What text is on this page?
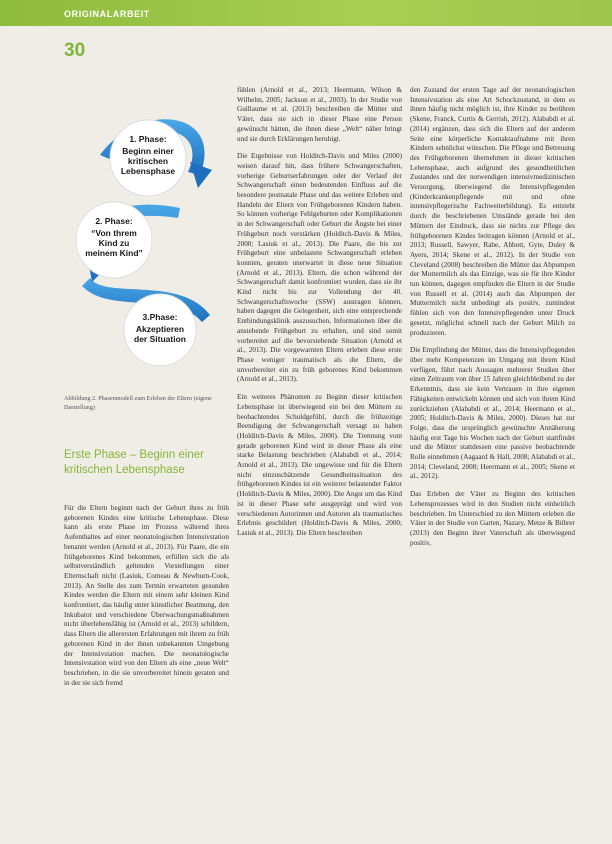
ORIGINALARBEIT
30
1. Phase:
Beginn einer
kritischen
Lebensphase
2. Phase:
“Von threm
Kind zu
meinem Kind”
3.Phase:
Akzeptieren
der Situation
Abbildung 2. Phasenmodell zum Erleben der Eltern (eigene Darstellung)
Erste Phase – Beginn einer kritischen Lebensphase

Für die Eltern beginnt nach der Geburt ihres zu früh geborenen Kindes eine kritische Lebensphase. Diese kann als erste Phase im Prozess während ihres Aufenthaltes auf einer neonatologischen Intensivstation benannt werden (Arnold et al., 2013). Für Paare, die ein frühgeborenes Kind bekommen, erfüllen sich die als selbstverständlich geltenden Vorstellungen einer Elternschaft nicht (Lasiuk, Comeau & Newburn-Cook, 2013). An Stelle des zum Termin erwarteten gesunden Kindes werden die Eltern mit einem sehr kleinen Kind konfrontiert, das häufig unter künstlicher Beatmung, den Inkubator und verschiedene Überwachungsmaßnahmen nicht überlebensfähig ist (Arnold et al., 2013) schildern, dass Eltern die allerersten Erfahrungen mit ihrem zu früh geborenen Kind in der ihnen unbekannten Umgebung der Intensivstation machen. Die neonatologische Intensivstation wird von den Eltern als eine „neue Welt“ beschrieben, in die sie unvorbereitet hinein geraten und in der sie sich fremd

fühlen (Arnold et al., 2013; Heermann, Wilson & Wilhelm, 2005; Jackson et al., 2003). In der Studie von Guillaume et al. (2013) beschreiben die Mütter und Väter, dass sie sich in dieser Phase eine Person gewünscht hätten, die ihnen diese „Welt“ näher bringt und sie durch Erklärungen beruhigt.

Die Ergebnisse von Holditch-Davis und Miles (2000) weisen darauf hin, dass frühere Schwangerschaften, vorherige Geburtserfahrungen oder der Verlauf der Schwangerschaft einen bedeutenden Einfluss auf die besondere postnatale Phase und das weitere Erleben und Handeln der Eltern von Frühgeborenen Kindern haben. So können vorherige Fehlgeburten oder Komplikationen in der Schwangerschaft oder Geburt die Ängste bei einer Frühgeburt noch verstärken (Holditch-Davis & Miles, 2000; Lasiuk et al., 2013). Die Paare, die bis zur Frühgeburt eine unbelastete Schwangerschaft erleben konnten, geraten unerwartet in diese neue Situation (Arnold et al., 2013). Eltern, die schon während der Schwangerschaft damit konfrontiert wurden, dass sie ihr Kind nicht bis zur Vollendung der 40. Schwangerschaftswoche (SSW) austragen können, haben dagegen die Gelegenheit, sich eine entsprechende Entbindungsklinik auszusuchen, Informationen über die anstehende Frühgeburt zu erhalten, und sind somit vorbereitet auf die bevorstehende Situation (Arnold et al., 2013). Die vorgewarnten Eltern erleben diese erste Phase weniger traumatisch als die Eltern, die unvorbereitet ein zu früh geborenes Kind bekommen (Arnold et al., 2013).

Ein weiteres Phänomen zu Beginn dieser kritischen Lebensphase ist überwiegend ein bei den Müttern zu beobachtendes Schuldgefühl, durch die frühzeitige Beendigung der Schwangerschaft versagt zu haben (Holditch-Davis & Miles, 2000). Die Trennung vom gerade geborenen Kind wird in dieser Phase als eine starke Belastung beschrieben (Alababdi et al., 2014; Arnold et al., 2013). Die ungewisse und für die Eltern nicht einzuschätzende Gesundheitssituation des frühgeborenen Kindes ist ein weiterer belastender Faktor (Holditch-Davis & Miles, 2000). Die Angst um das Kind ist in dieser Phase sehr ausgeprägt und wird von verschiedenen Autorinnen und Autoren als traumatisches Erlebnis geschildert (Holditch-Davis & Miles, 2000; Lasiuk et al., 2013). Die Eltern beschreiben

den Zustand der ersten Tage auf der neonatologischen Intensivstation als eine Art Schockzustand, in dem es ihnen häufig nicht möglich ist, ihre Kinder zu berühren (Skene, Franck, Curtis & Gerrish, 2012). Alababdi et al. (2014) ergänzen, dass sich die Eltern auf der anderen Seite eine körperliche Kontaktaufnahme mit ihren Kindern sehnlichst wünschen. Die Pflege und Betreuung des Frühgeborenen übernehmen in dieser kritischen Lebensphase, auch aufgrund des gesundheitlichen Zustandes und der notwendigen intensivmedizinischen Versorgung, überwiegend die Intensivpflegenden (Kinderkrankenpflegende mit und ohne intensivpflegerische Fachweiterbildung). Es entsteht durch die beschriebenen Umstände gerade bei den Müttern der Eindruck, dass sie nichts zur Pflege des frühgeborenen Kindes beitragen können (Arnold et al., 2013; Russell, Sawyer, Rabe, Abbott, Gyte, Duley & Ayers, 2014; Skene et al., 2012). In der Studie von Cleveland (2008) beschreiben die Mütter das Abpumpen der Muttermilch als das Einzige, was sie für ihre Kinder tun können, dagegen empfinden die Eltern in der Studie von Russell et al. (2014) auch das Abpumpen der Muttermilch nicht unbedingt als positiv, zumindest fühlen sich von den Intensivpflegenden unter Druck gesetzt, möglichst schnell nach der Geburt Milch zu produzieren.

Die Empfindung der Mütter, dass die Intensivpflegenden über mehr Kompetenzen im Umgang mit ihrem Kind verfügen, führt nach Aussagen mehrerer Studien über einen Zeitraum von über 15 Jahren gleichbleibend zu der Erkenntnis, dass sie kein Vertrauen in ihre eigenen Fähigkeiten entwickeln können und sich von ihrem Kind zurückziehen (Alababdi et al., 2014; Heermann et al., 2005; Holditch-Davis & Miles, 2000). Dieses hat zur Folge, dass die ursprünglich gewünschte Annäherung häufig erst Tage bis Wochen nach der Geburt stattfindet und die Mütter stattdessen eine passive beobachtende Rolle einnehmen (Aagaard & Hall, 2008; Alababdi et al., 2014; Cleveland, 2008; Heermann et al., 2005; Skene et al., 2012).

Das Erleben der Väter zu Beginn des kritischen Lebensprozesses wird in den Studien nicht einheitlich beschrieben. Im Unterschied zu den Müttern erleben die Väter in der Studie von Garten, Nazary, Metze & Bührer (2013) den Beginn ihrer Vaterschaft als überwiegend positiv,
